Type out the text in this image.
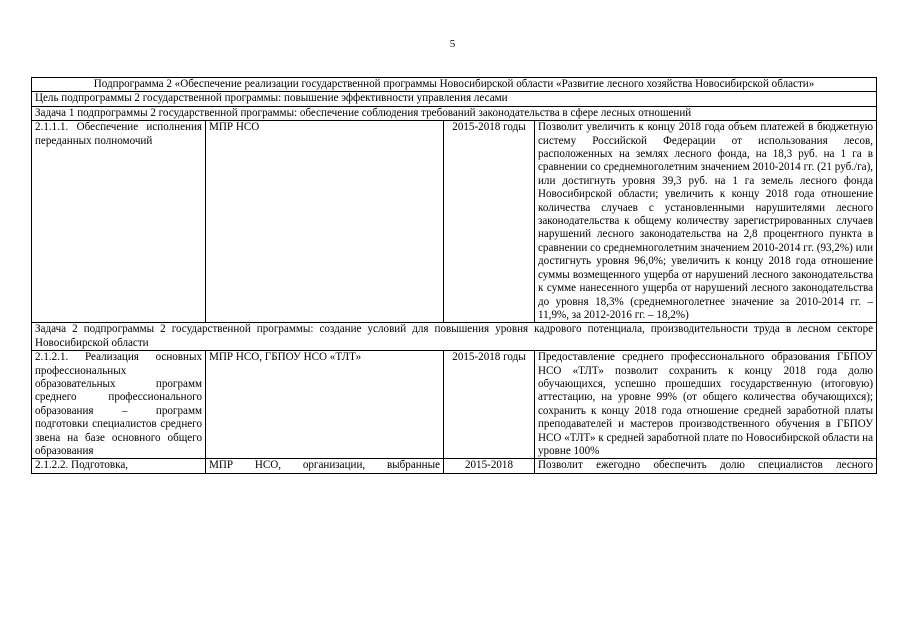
5
Подпрограмма 2 «Обеспечение реализации государственной программы Новосибирской области «Развитие лесного хозяйства Новосибирской области»			
Цель подпрограммы 2 государственной программы: повышение эффективности управления лесами			
Задача 1 подпрограммы 2 государственной программы: обеспечение соблюдения требований законодательства в сфере лесных отношений			
2.1.1.1. Обеспечение исполнения переданных полномочий	МПР НСО	2015-2018 годы	Позволит увеличить к концу 2018 года объем платежей в бюджетную систему Российской Федерации от использования лесов, расположенных на землях лесного фонда, на 18,3 руб. на 1 га в сравнении со среднемноголетним значением 2010-2014 гг. (21 руб./га), или достигнуть уровня 39,3 руб. на 1 га земель лесного фонда Новосибирской области; увеличить к концу 2018 года отношение количества случаев с установленными нарушителями лесного законодательства к общему количеству зарегистрированных случаев нарушений лесного законодательства на 2,8 процентного пункта в сравнении со среднемноголетним значением 2010-2014 гг. (93,2%) или достигнуть уровня 96,0%; увеличить к концу 2018 года отношение суммы возмещенного ущерба от нарушений лесного законодательства к сумме нанесенного ущерба от нарушений лесного законодательства до уровня 18,3% (среднемноголетнее значение за 2010-2014 гг. – 11,9%, за 2012-2016 гг. – 18,2%)
Задача 2 подпрограммы 2 государственной программы: создание условий для повышения уровня кадрового потенциала, производительности труда в лесном секторе Новосибирской области			
2.1.2.1. Реализация основных профессиональных образовательных программ среднего профессионального образования – программ подготовки специалистов среднего звена на базе основного общего образования	МПР НСО, ГБПОУ НСО «ТЛТ»	2015-2018 годы	Предоставление среднего профессионального образования ГБПОУ НСО «ТЛТ» позволит сохранить к концу 2018 года долю обучающихся, успешно прошедших государственную (итоговую) аттестацию, на уровне 99% (от общего количества обучающихся); сохранить к концу 2018 года отношение средней заработной платы преподавателей и мастеров производственного обучения в ГБПОУ НСО «ТЛТ» к средней заработной плате по Новосибирской области на уровне 100%

2.1.2.2. Подготовка,	МПР НСО, организации, выбранные	2015-2018	Позволит ежегодно обеспечить долю специалистов лесного
